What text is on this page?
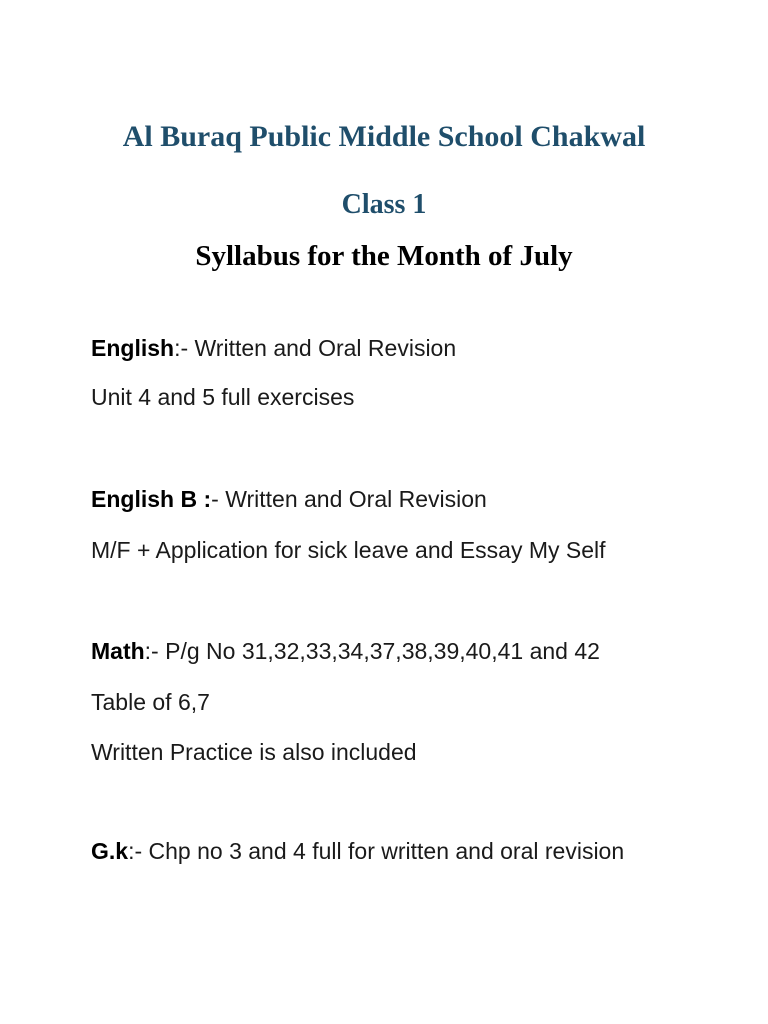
Al Buraq Public Middle School Chakwal
Class 1
Syllabus for the Month of July

English:- Written and Oral Revision

Unit 4 and 5 full exercises

English B :- Written and Oral Revision

M/F + Application for sick leave and Essay My Self

Math:- P/g No 31,32,33,34,37,38,39,40,41 and 42

Table of 6,7

Written Practice is also included

G.k:- Chp no 3 and 4 full for written and oral revision
